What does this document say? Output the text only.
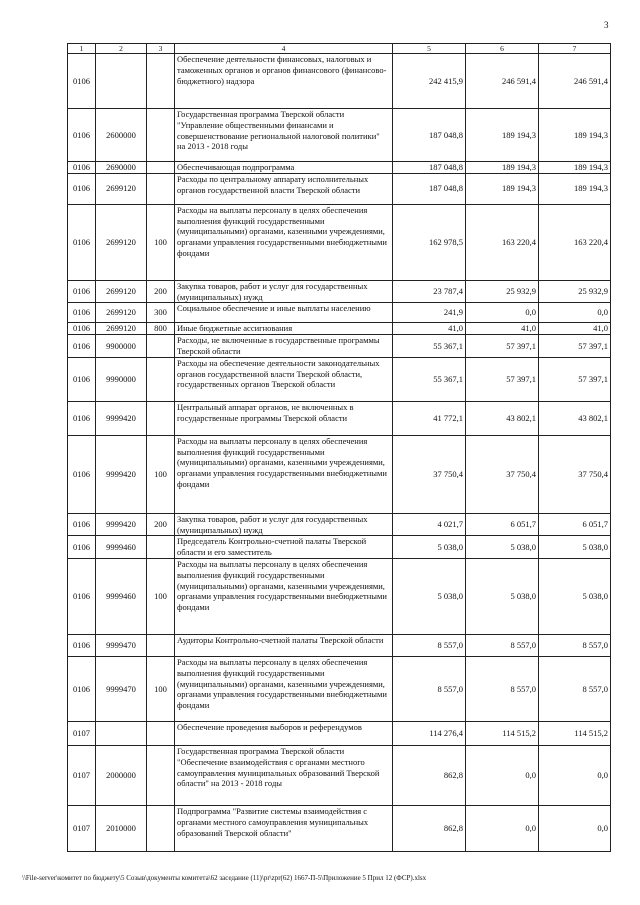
3
1	2	3	4	5	6	7
0106			Обеспечение деятельности финансовых, налоговых и таможенных органов и органов финансового (финансово-бюджетного) надзора	242 415,9	246 591,4	246 591,4
0106	2600000		Государственная программа Тверской области "Управление общественными финансами и совершенствование региональной налоговой политики" на 2013 - 2018 годы	187 048,8	189 194,3	189 194,3
0106	2690000		Обеспечивающая подпрограмма	187 048,8	189 194,3	189 194,3
0106	2699120		Расходы по центральному аппарату исполнительных органов государственной власти Тверской области	187 048,8	189 194,3	189 194,3
0106	2699120	100	Расходы на выплаты персоналу в целях обеспечения выполнения функций государственными (муниципальными) органами, казенными учреждениями, органами управления государственными внебюджетными фондами	162 978,5	163 220,4	163 220,4
0106	2699120	200	Закупка товаров, работ и услуг для государственных (муниципальных) нужд	23 787,4	25 932,9	25 932,9
0106	2699120	300	Социальное обеспечение и иные выплаты населению	241,9	0,0	0,0
0106	2699120	800	Иные бюджетные ассигнования	41,0	41,0	41,0
0106	9900000		Расходы, не включенные в государственные программы Тверской области	55 367,1	57 397,1	57 397,1
0106	9990000		Расходы на обеспечение деятельности законодательных органов государственной власти Тверской области, государственных органов Тверской области	55 367,1	57 397,1	57 397,1
0106	9999420		Центральный аппарат органов, не включенных в государственные программы Тверской области	41 772,1	43 802,1	43 802,1
0106	9999420	100	Расходы на выплаты персоналу в целях обеспечения выполнения функций государственными (муниципальными) органами, казенными учреждениями, органами управления государственными внебюджетными фондами	37 750,4	37 750,4	37 750,4
0106	9999420	200	Закупка товаров, работ и услуг для государственных (муниципальных) нужд	4 021,7	6 051,7	6 051,7
0106	9999460		Председатель Контрольно-счетной палаты Тверской области и его заместитель	5 038,0	5 038,0	5 038,0
0106	9999460	100	Расходы на выплаты персоналу в целях обеспечения выполнения функций государственными (муниципальными) органами, казенными учреждениями, органами управления государственными внебюджетными фондами	5 038,0	5 038,0	5 038,0
0106	9999470		Аудиторы Контрольно-счетной палаты Тверской области	8 557,0	8 557,0	8 557,0
0106	9999470	100	Расходы на выплаты персоналу в целях обеспечения выполнения функций государственными (муниципальными) органами, казенными учреждениями, органами управления государственными внебюджетными фондами	8 557,0	8 557,0	8 557,0
0107			Обеспечение проведения выборов и референдумов	114 276,4	114 515,2	114 515,2
0107	2000000		Государственная программа Тверской области "Обеспечение взаимодействия с органами местного самоуправления муниципальных образований Тверской области" на 2013 - 2018 годы	862,8	0,0	0,0
0107	2010000		Подпрограмма "Развитие системы взаимодействия с органами местного самоуправления муниципальных образований Тверской области"	862,8	0,0	0,0
\\File-server\комитет по бюджету\5 Созыв\документы комитета\62 заседание (11)\pr\zpr(62) 1667-П-5\Приложение 5 Прил 12 (ФСР).xlsx
